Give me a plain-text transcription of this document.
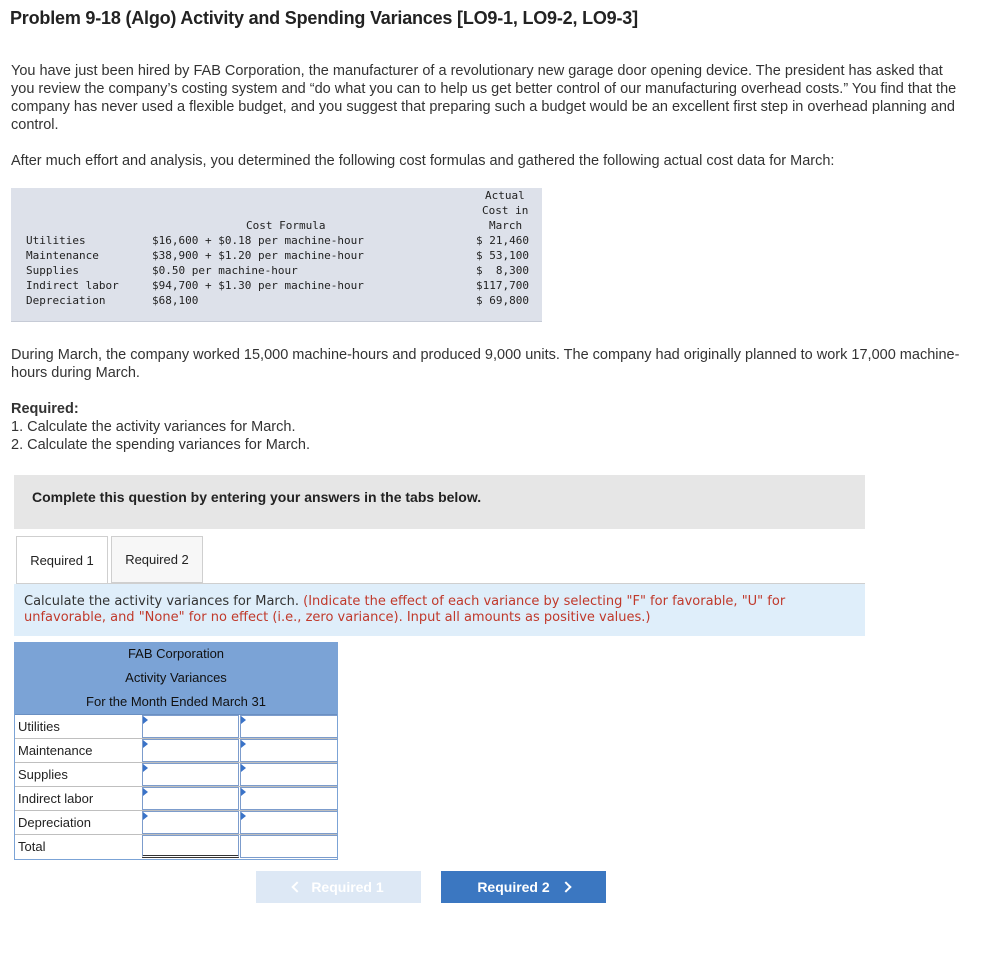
Problem 9-18 (Algo) Activity and Spending Variances [LO9-1, LO9-2, LO9-3]
You have just been hired by FAB Corporation, the manufacturer of a revolutionary new garage door opening device. The president has asked that you review the company’s costing system and “do what you can to help us get better control of our manufacturing overhead costs.” You find that the company has never used a flexible budget, and you suggest that preparing such a budget would be an excellent first step in overhead planning and control.
After much effort and analysis, you determined the following cost formulas and gathered the following actual cost data for March:
Cost Formula
Actual
Cost in
March
Utilities	$16,600 + $0.18 per machine-hour	$ 21,460
Maintenance	$38,900 + $1.20 per machine-hour	$ 53,100
Supplies	$0.50 per machine-hour	$  8,300
Indirect labor	$94,700 + $1.30 per machine-hour	$117,700
Depreciation	$68,100	$ 69,800
During March, the company worked 15,000 machine-hours and produced 9,000 units. The company had originally planned to work 17,000 machine-hours during March.
Required:
1. Calculate the activity variances for March.
2. Calculate the spending variances for March.
Complete this question by entering your answers in the tabs below.
Required 1	Required 2

Calculate the activity variances for March. (Indicate the effect of each variance by selecting "F" for favorable, "U" for unfavorable, and "None" for no effect (i.e., zero variance). Input all amounts as positive values.)

FAB Corporation
Activity Variances
For the Month Ended March 31
Utilities
Maintenance
Supplies
Indirect labor
Depreciation
Total
Required 1	Required 2
